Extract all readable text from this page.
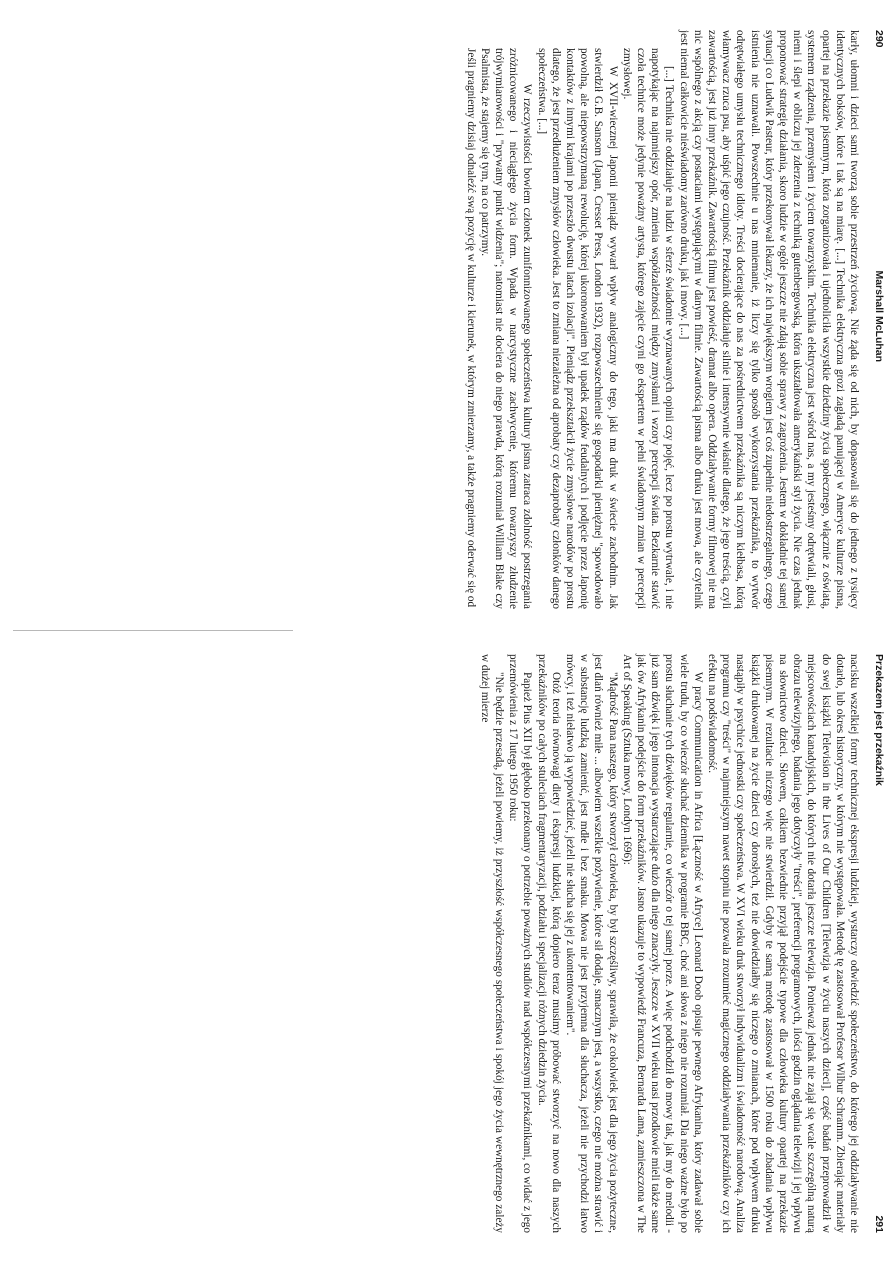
290
Marshall McLuhan

karły, ułomni i dzieci sami tworzą sobie przestrzeń życiową. Nie żąda się od nich, by dopasowali się do jednego z tysięcy identycznych boksów, które i tak są na miarę. [...] Technika elektryczna grozi zagładą panującej w Ameryce kulturze pisma, opartej na przekazie pisemnym, która zorganizowała i ujednoliciła wszystkie dziedziny życia społecznego, włącznie z oświatą, systemem rządzenia, przemysłem i życiem towarzyskim. Technika elektryczna jest wśród nas, a my jesteśmy odrętwiali, głusi, niemi i ślepi w obliczu jej zderzenia z techniką gutenbergowską, która ukształtowała amerykański styl życia. Nie czas jednak proponować strategię działania, skoro ludzie w ogóle jeszcze nie zdają sobie sprawy z zagrożenia. Jestem w dokładnie tej samej sytuacji co Ludwik Pasteur, który przekonywał lekarzy, że ich największym wrogiem jest coś zupełnie niedostrzegalnego, czego istnienia nie uznawali. Powszechnie u nas mniemanie, iż liczy się tylko sposób wykorzystania przekaźnika, to wytwór odrętwiałego umysłu technicznego idioty. Treści docierające do nas za pośrednictwem przekaźnika są niczym kiełbasa, którą włamywacz rzuca psu, aby uśpić jego czujność. Przekaźnik oddziałuje silnie i intensywnie właśnie dlatego, że jego treścią, czyli zawartością, jest już inny przekaźnik. Zawartością filmu jest powieść, dramat albo opera. Oddziaływanie formy filmowej nie ma nic wspólnego z akcją czy postaciami występującymi w danym filmie. Zawartością pisma albo druku jest mowa, ale czytelnik jest niemal całkowicie nieświadomy zarówno druku, jak i mowy. [...]

[...] Technika nie oddziałuje na ludzi w sferze świadomie wyznawanych opinii czy pojęć, lecz po prostu wytrwale, i nie napotykając na najmniejszy opór, zmienia współzależności między zmysłami i wzory percepcji świata. Bezkarnie stawić czoła technice może jedynie poważny artysta, którego zajęcie czyni go ekspertem w pełni świadomym zmian w percepcji zmysłowej.

W XVII-wiecznej Japonii pieniądz wywarł wpływ analogiczny do tego, jaki ma druk w świecie zachodnim. Jak stwierdził G.B. Sansom (Japan, Cresset Press, London 1932), rozpowszechnienie się gospodarki pieniężnej "spowodowało powolną, ale niepowstrzymaną rewolucję, której ukoronowaniem był upadek rządów feudalnych i podjęcie przez Japonię kontaktów z innymi krajami po przeszło dwustu latach izolacji". Pieniądz przekształcił życie zmysłowe narodów po prostu dlatego, że jest przedłużeniem zmysłów człowieka. Jest to zmiana niezależna od aprobaty czy dezaprobaty członków danego społeczeństwa. [...]

W rzeczywistości bowiem członek zunifonnizowanego społeczeństwa kultury pisma zatraca zdolność postrzegania zróżnicowanego i nieciągłego życia form. Wpada w narcystyczne zachwycenie, któremu towarzyszy złudzenie trójwymiarowości i "prywatny punkt widzenia"; natomiast nie dociera do niego prawda, którą rozumiał William Blake czy Psalmista, że stajemy się tym, na co patrzymy.

Jeśli pragniemy dzisiaj odnaleźć swą pozycję w kulturze i kierunek, w którym zmierzamy, a także pragniemy oderwać się od

Przekazem jest przekaźnik
291

nacisku wszelkiej formy technicznej ekspresji ludzkiej, wystarczy odwiedzić społeczeństwo, do którego jej oddziaływanie nie dotarło, lub okres historyczny, w którym nie występowała. Metodę tę zastosował Profesor Wilbur Schramm. Zbierając materiały do swej książki Television in the Lives of Our Children [Telewizja w życiu naszych dzieci], część badań przeprowadził w miejscowościach kanadyjskich, do których nie dotarła jeszcze telewizja. Ponieważ jednak nie zajął się wcale szczególną naturą obrazu telewizyjnego, badania jego dotyczyły "treści", preferencji programowych, ilości godzin oglądania telewizji i jej wpływu na słownictwo dzieci. Słowem, całkiem bezwiednie przyjął podejście typowe dla człowieka kultury opartej na przekazie pisemnym. W rezultacie niczego więc nie stwierdził. Gdyby te samą metodę zastosował w 1500 roku do zbadania wpływu książki drukowanej na życie dzieci czy dorosłych, też nie dowiedziałby się niczego o zmianach, które pod wpływem druku nastąpiły w psychice jednostki czy społeczeństwa. W XVI wieku druk stworzył indywidualizm i świadomość narodową. Analiza programu czy "treści" w najmniejszym nawet stopniu nie pozwala zrozumieć magicznego oddziaływania przekaźników czy ich efektu na podświadomość.

W pracy Communication in Africa [Łączność w Afryce] Leonard Doob opisuje pewnego Afrykanina, który zadawał sobie wiele trudu, by co wieczór słuchać dziennika w programie BBC, choć ani słowa z niego nie rozumiał. Dla niego ważne było po prostu słuchanie tych dźwięków regularnie, co wieczór o tej samej porze. A więc podchodził do mowy tak, jak my do melodii - już sam dźwięk i jego intonacja wystarczające dużo dla niego znaczyły. Jeszcze w XVII wieku nasi przodkowie mieli także same jak ów Afrykanin podejście do form przekaźników. Jasno ukazuje to wypowiedź Francuza, Bernarda Lama, zamieszczona w The Art of Speaking (Sztuka mowy, Londyn 1696):

"Mądrość Pana naszego, który stworzył człowieka, by był szczęśliwy, sprawiła, że cokolwiek jest dla jego życia pożyteczne, jest dlań również miłe ... albowiem wszelkie pożywienie, które sił dodaje, smacznym jest, a wszystko, czego nie można strawić i w substancję ludzką zamienić, jest mdłe i bez smaku. Mowa nie jest przyjemna dla słuchacza, jeżeli nie przychodzi łatwo mówcy, i też niełatwo ją wypowiedzieć, jeżeli nie słucha się jej z ukontentowaniem".

Otóż teoria równowagi diety i ekspresji ludzkiej, którą dopiero teraz musimy próbować stworzyć na nowo dla naszych przekaźników po całych stuleciach fragmentaryzacji, podziału i specjalizacji różnych dziedzin życia.

Papież Pius XII był głęboko przekonany o potrzebie poważnych studiów nad współczesnymi przekaźnikami, co widać z jego przemówienia z 17 lutego 1950 roku:

"Nie będzie przesadą, jeżeli powiemy, iż przyszłość współczesnego społeczeństwa i spokój jego życia wewnętrznego zależy w dużej mierze
